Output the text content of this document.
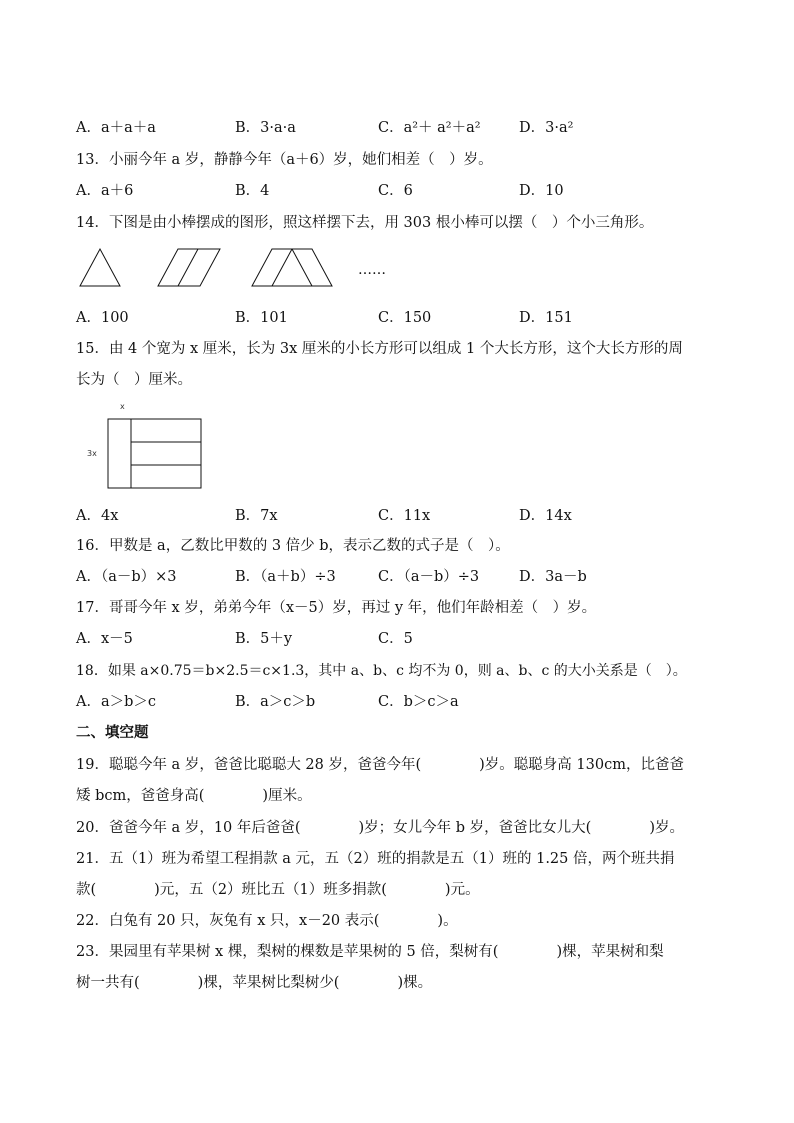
A．a＋a＋a	B．3·a·a	C．a²＋ a²＋a²	D．3·a²
13．小丽今年 a 岁，静静今年（a＋6）岁，她们相差（　）岁。
A．a＋6	B．4	C．6	D．10
14．下图是由小棒摆成的图形，照这样摆下去，用 303 根小棒可以摆（　）个小三角形。
……
A．100	B．101	C．150	D．151
15．由 4 个宽为 x 厘米，长为 3x 厘米的小长方形可以组成 1 个大长方形，这个大长方形的周
长为（　）厘米。
x
3x
A．4x	B．7x	C．11x	D．14x
16．甲数是 a，乙数比甲数的 3 倍少 b，表示乙数的式子是（　）。
A．（a－b）×3	B．（a＋b）÷3	C．（a－b）÷3	D．3a－b
17．哥哥今年 x 岁，弟弟今年（x－5）岁，再过 y 年，他们年龄相差（　）岁。
A．x－5	B．5＋y	C．5
18．如果 a×0.75＝b×2.5＝c×1.3，其中 a、b、c 均不为 0，则 a、b、c 的大小关系是（　）。
A．a＞b＞c	B．a＞c＞b	C．b＞c＞a
二、填空题
19．聪聪今年 a 岁，爸爸比聪聪大 28 岁，爸爸今年(　　　　)岁。聪聪身高 130cm，比爸爸
矮 bcm，爸爸身高(　　　　)厘米。
20．爸爸今年 a 岁，10 年后爸爸(　　　　)岁；女儿今年 b 岁，爸爸比女儿大(　　　　)岁。
21．五（1）班为希望工程捐款 a 元，五（2）班的捐款是五（1）班的 1.25 倍，两个班共捐
款(　　　　)元，五（2）班比五（1）班多捐款(　　　　)元。
22．白兔有 20 只，灰兔有 x 只，x－20 表示(　　　　)。
23．果园里有苹果树 x 棵，梨树的棵数是苹果树的 5 倍，梨树有(　　　　)棵，苹果树和梨
树一共有(　　　　)棵，苹果树比梨树少(　　　　)棵。
